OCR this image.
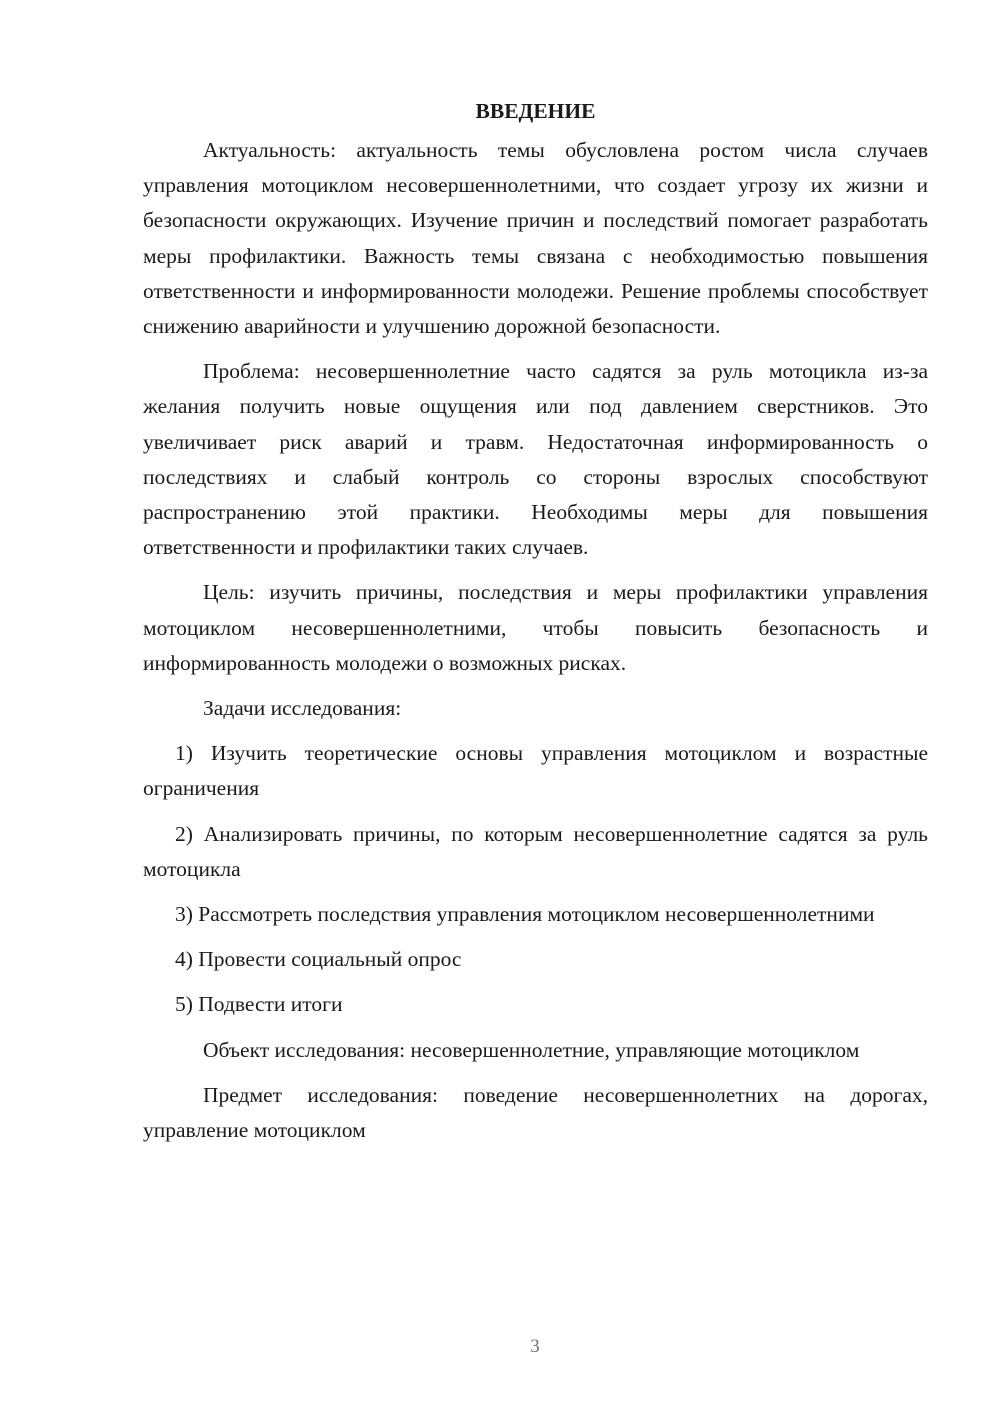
ВВЕДЕНИЕ

Актуальность: актуальность темы обусловлена ростом числа случаев управления мотоциклом несовершеннолетними, что создает угрозу их жизни и безопасности окружающих. Изучение причин и последствий помогает разработать меры профилактики. Важность темы связана с необходимостью повышения ответственности и информированности молодежи. Решение проблемы способствует снижению аварийности и улучшению дорожной безопасности.

Проблема: несовершеннолетние часто садятся за руль мотоцикла из-за желания получить новые ощущения или под давлением сверстников. Это увеличивает риск аварий и травм. Недостаточная информированность о последствиях и слабый контроль со стороны взрослых способствуют распространению этой практики. Необходимы меры для повышения ответственности и профилактики таких случаев.

Цель: изучить причины, последствия и меры профилактики управления мотоциклом несовершеннолетними, чтобы повысить безопасность и информированность молодежи о возможных рисках.

Задачи исследования:

1) Изучить теоретические основы управления мотоциклом и возрастные ограничения

2) Анализировать причины, по которым несовершеннолетние садятся за руль мотоцикла

3) Рассмотреть последствия управления мотоциклом несовершеннолетними

4) Провести социальный опрос

5) Подвести итоги

Объект исследования: несовершеннолетние, управляющие мотоциклом

Предмет исследования: поведение несовершеннолетних на дорогах, управление мотоциклом

3
